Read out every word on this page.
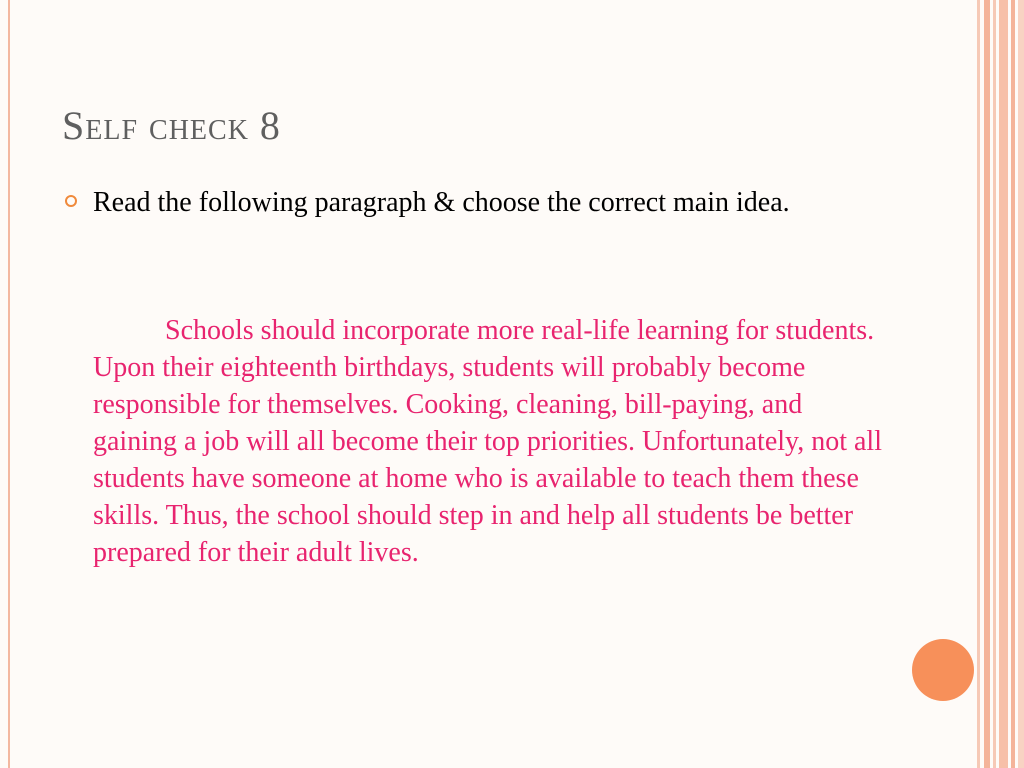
Self check 8
Read the following paragraph & choose the correct main idea.
Schools should incorporate more real-life learning for students. Upon their eighteenth birthdays, students will probably become responsible for themselves. Cooking, cleaning, bill-paying, and gaining a job will all become their top priorities. Unfortunately, not all students have someone at home who is available to teach them these skills. Thus, the school should step in and help all students be better prepared for their adult lives.
